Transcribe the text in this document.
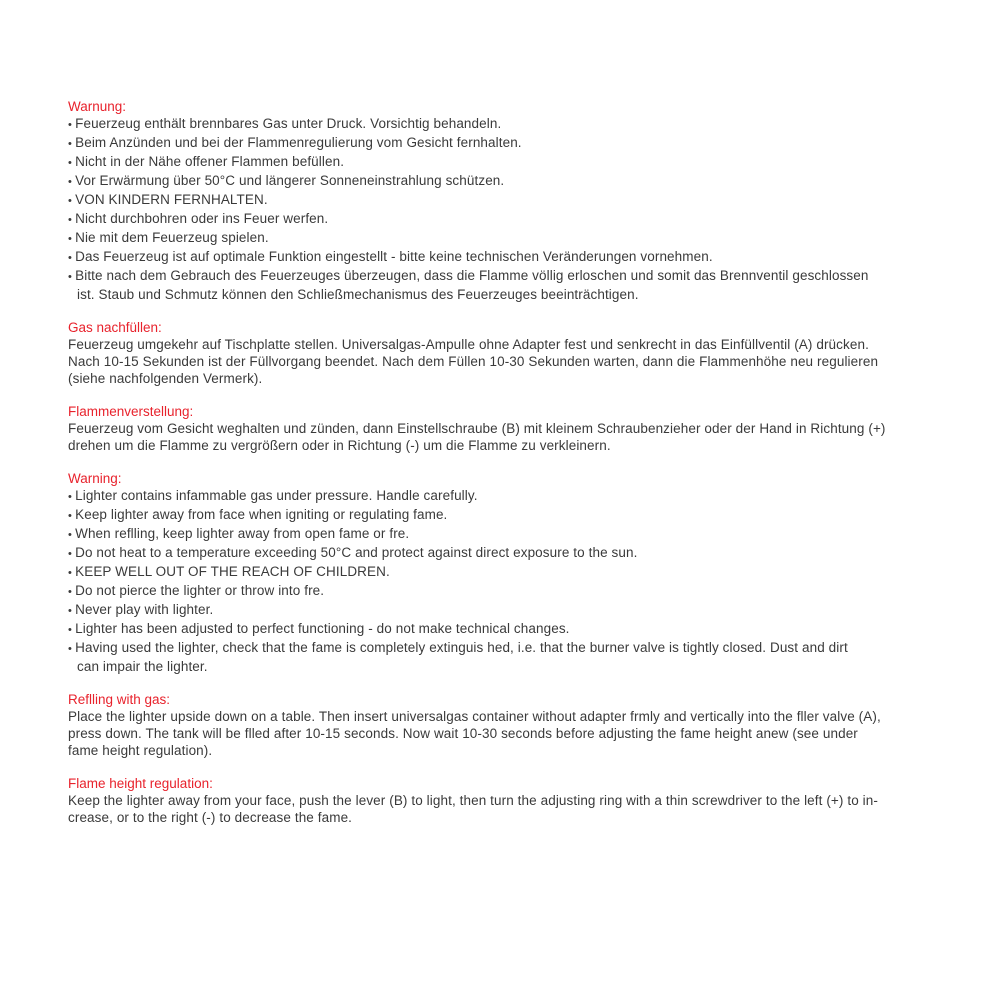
Warnung:
• Feuerzeug enthält brennbares Gas unter Druck. Vorsichtig behandeln.
• Beim Anzünden und bei der Flammenregulierung vom Gesicht fernhalten.
• Nicht in der Nähe offener Flammen befüllen.
• Vor Erwärmung über 50°C und längerer Sonneneinstrahlung schützen.
• VON KINDERN FERNHALTEN.
• Nicht durchbohren oder ins Feuer werfen.
• Nie mit dem Feuerzeug spielen.
• Das Feuerzeug ist auf optimale Funktion eingestellt - bitte keine technischen Veränderungen vornehmen.
• Bitte nach dem Gebrauch des Feuerzeuges überzeugen, dass die Flamme völlig erloschen und somit das Brennventil geschlossen
ist. Staub und Schmutz können den Schließmechanismus des Feuerzeuges beeinträchtigen.
Gas nachfüllen:
Feuerzeug umgekehr auf Tischplatte stellen. Universalgas-Ampulle ohne Adapter fest und senkrecht in das Einfüllventil (A) drücken.
Nach 10-15 Sekunden ist der Füllvorgang beendet. Nach dem Füllen 10-30 Sekunden warten, dann die Flammenhöhe neu regulieren
(siehe nachfolgenden Vermerk).
Flammenverstellung:
Feuerzeug vom Gesicht weghalten und zünden, dann Einstellschraube (B) mit kleinem Schraubenzieher oder der Hand in Richtung (+)
drehen um die Flamme zu vergrößern oder in Richtung (-) um die Flamme zu verkleinern.
Warning:
• Lighter contains infammable gas under pressure. Handle carefully.
• Keep lighter away from face when igniting or regulating fame.
• When reflling, keep lighter away from open fame or fre.
• Do not heat to a temperature exceeding 50°C and protect against direct exposure to the sun.
• KEEP WELL OUT OF THE REACH OF CHILDREN.
• Do not pierce the lighter or throw into fre.
• Never play with lighter.
• Lighter has been adjusted to perfect functioning - do not make technical changes.
• Having used the lighter, check that the fame is completely extinguis hed, i.e. that the burner valve is tightly closed. Dust and dirt
can impair the lighter.
Reflling with gas:
Place the lighter upside down on a table. Then insert universalgas container without adapter frmly and vertically into the fller valve (A),
press down. The tank will be flled after 10-15 seconds. Now wait 10-30 seconds before adjusting the fame height anew (see under
fame height regulation).
Flame height regulation:
Keep the lighter away from your face, push the lever (B) to light, then turn the adjusting ring with a thin screwdriver to the left (+) to in-
crease, or to the right (-) to decrease the fame.
